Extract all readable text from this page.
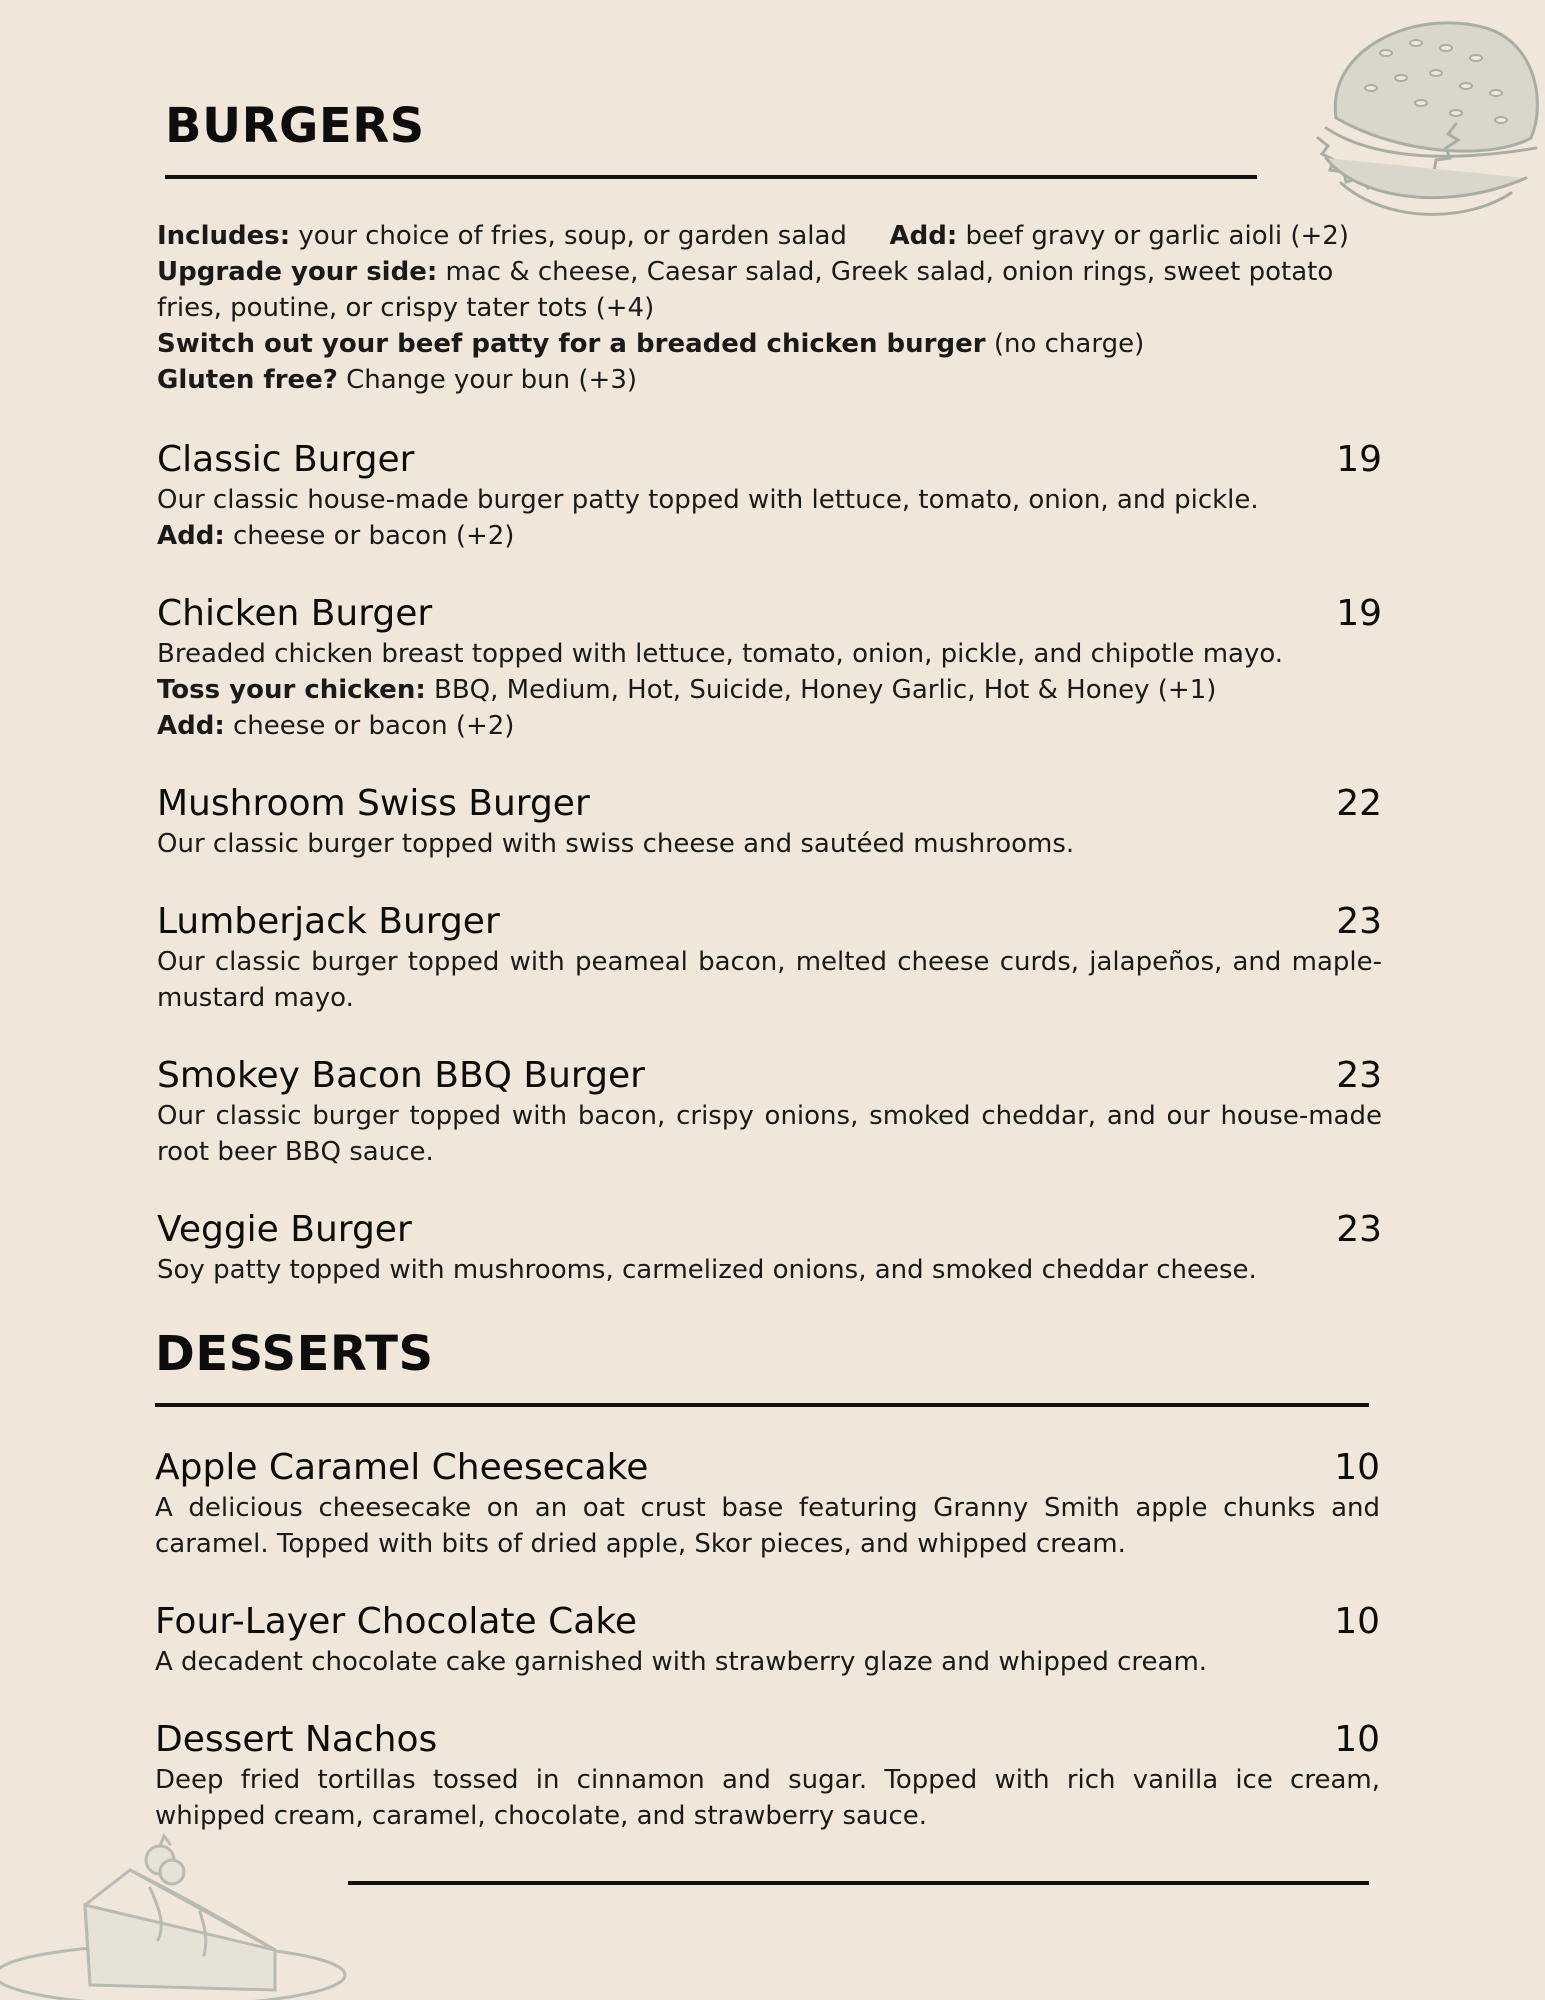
BURGERS

Includes: your choice of fries, soup, or garden salad Add: beef gravy or garlic aioli (+2)

Upgrade your side: mac & cheese, Caesar salad, Greek salad, onion rings, sweet potato fries, poutine, or crispy tater tots (+4)

Switch out your beef patty for a breaded chicken burger (no charge)

Gluten free? Change your bun (+3)

Classic Burger	19

Our classic house-made burger patty topped with lettuce, tomato, onion, and pickle.

Add: cheese or bacon (+2)

Chicken Burger	19

Breaded chicken breast topped with lettuce, tomato, onion, pickle, and chipotle mayo.

Toss your chicken: BBQ, Medium, Hot, Suicide, Honey Garlic, Hot & Honey (+1)

Add: cheese or bacon (+2)

Mushroom Swiss Burger	22

Our classic burger topped with swiss cheese and sautéed mushrooms.

Lumberjack Burger	23

Our classic burger topped with peameal bacon, melted cheese curds, jalapeños, and maple-mustard mayo.

Smokey Bacon BBQ Burger	23

Our classic burger topped with bacon, crispy onions, smoked cheddar, and our house-made root beer BBQ sauce.

Veggie Burger	23

Soy patty topped with mushrooms, carmelized onions, and smoked cheddar cheese.

DESSERTS
Apple Caramel Cheesecake	10

A delicious cheesecake on an oat crust base featuring Granny Smith apple chunks and caramel. Topped with bits of dried apple, Skor pieces, and whipped cream.

Four-Layer Chocolate Cake	10

A decadent chocolate cake garnished with strawberry glaze and whipped cream.

Dessert Nachos	10

Deep fried tortillas tossed in cinnamon and sugar. Topped with rich vanilla ice cream, whipped cream, caramel, chocolate, and strawberry sauce.
